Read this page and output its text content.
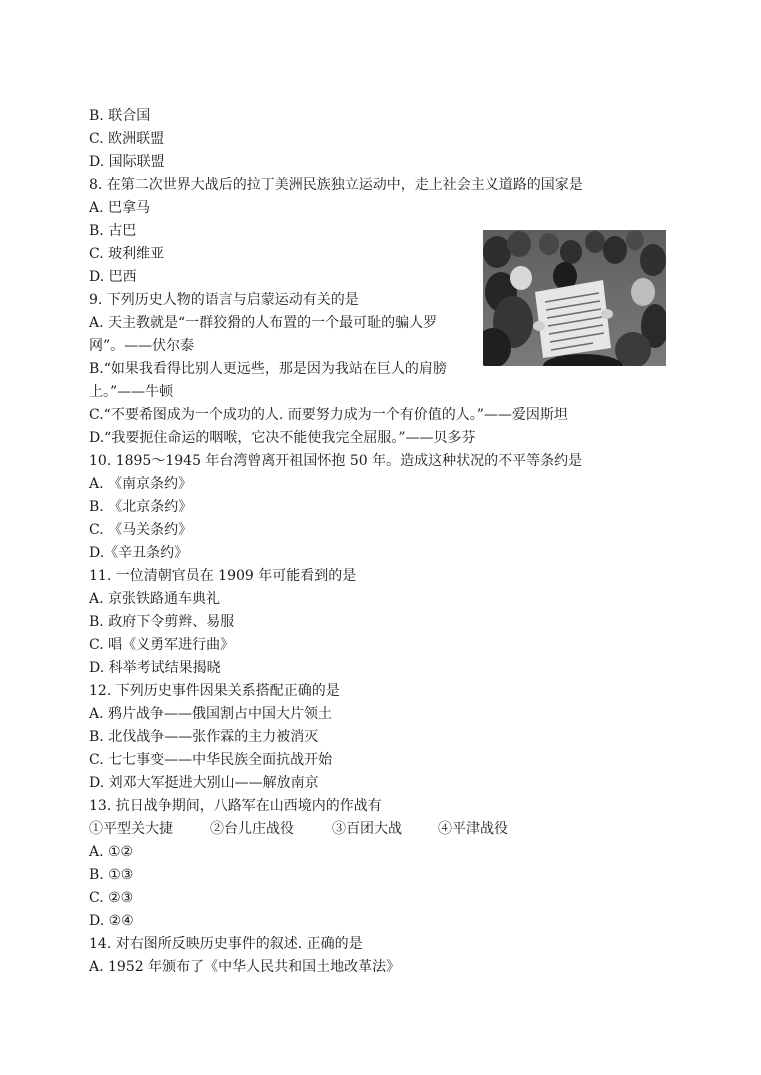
B. 联合国
C. 欧洲联盟
D. 国际联盟
8. 在第二次世界大战后的拉丁美洲民族独立运动中，走上社会主义道路的国家是
A. 巴拿马
B. 古巴
C. 玻利维亚
D. 巴西
9. 下列历史人物的语言与启蒙运动有关的是
A. 天主教就是“一群狡猾的人布置的一个最可耻的骗人罗
网”。——伏尔泰
B.“如果我看得比别人更远些，那是因为我站在巨人的肩膀
上。”——牛顿
C.“不要希图成为一个成功的人. 而要努力成为一个有价值的人。”——爱因斯坦
D.“我要扼住命运的咽喉，它决不能使我完全屈服。”——贝多芬
10. 1895～1945 年台湾曾离开祖国怀抱 50 年。造成这种状况的不平等条约是
A. 《南京条约》
B. 《北京条约》
C. 《马关条约》
D.《辛丑条约》
11. 一位清朝官员在 1909 年可能看到的是
A. 京张铁路通车典礼
B. 政府下令剪辫、易服
C. 唱《义勇军进行曲》
D. 科举考试结果揭晓
12. 下列历史事件因果关系搭配正确的是
A. 鸦片战争——俄国割占中国大片领土
B. 北伐战争——张作霖的主力被消灭
C. 七七事变——中华民族全面抗战开始
D. 刘邓大军挺进大别山——解放南京
13. 抗日战争期间，八路军在山西境内的作战有
①平型关大捷	②台儿庄战役	③百团大战	④平津战役
A. ①②
B. ①③
C. ②③
D. ②④
14. 对右图所反映历史事件的叙述. 正确的是
A. 1952 年颁布了《中华人民共和国土地改革法》
